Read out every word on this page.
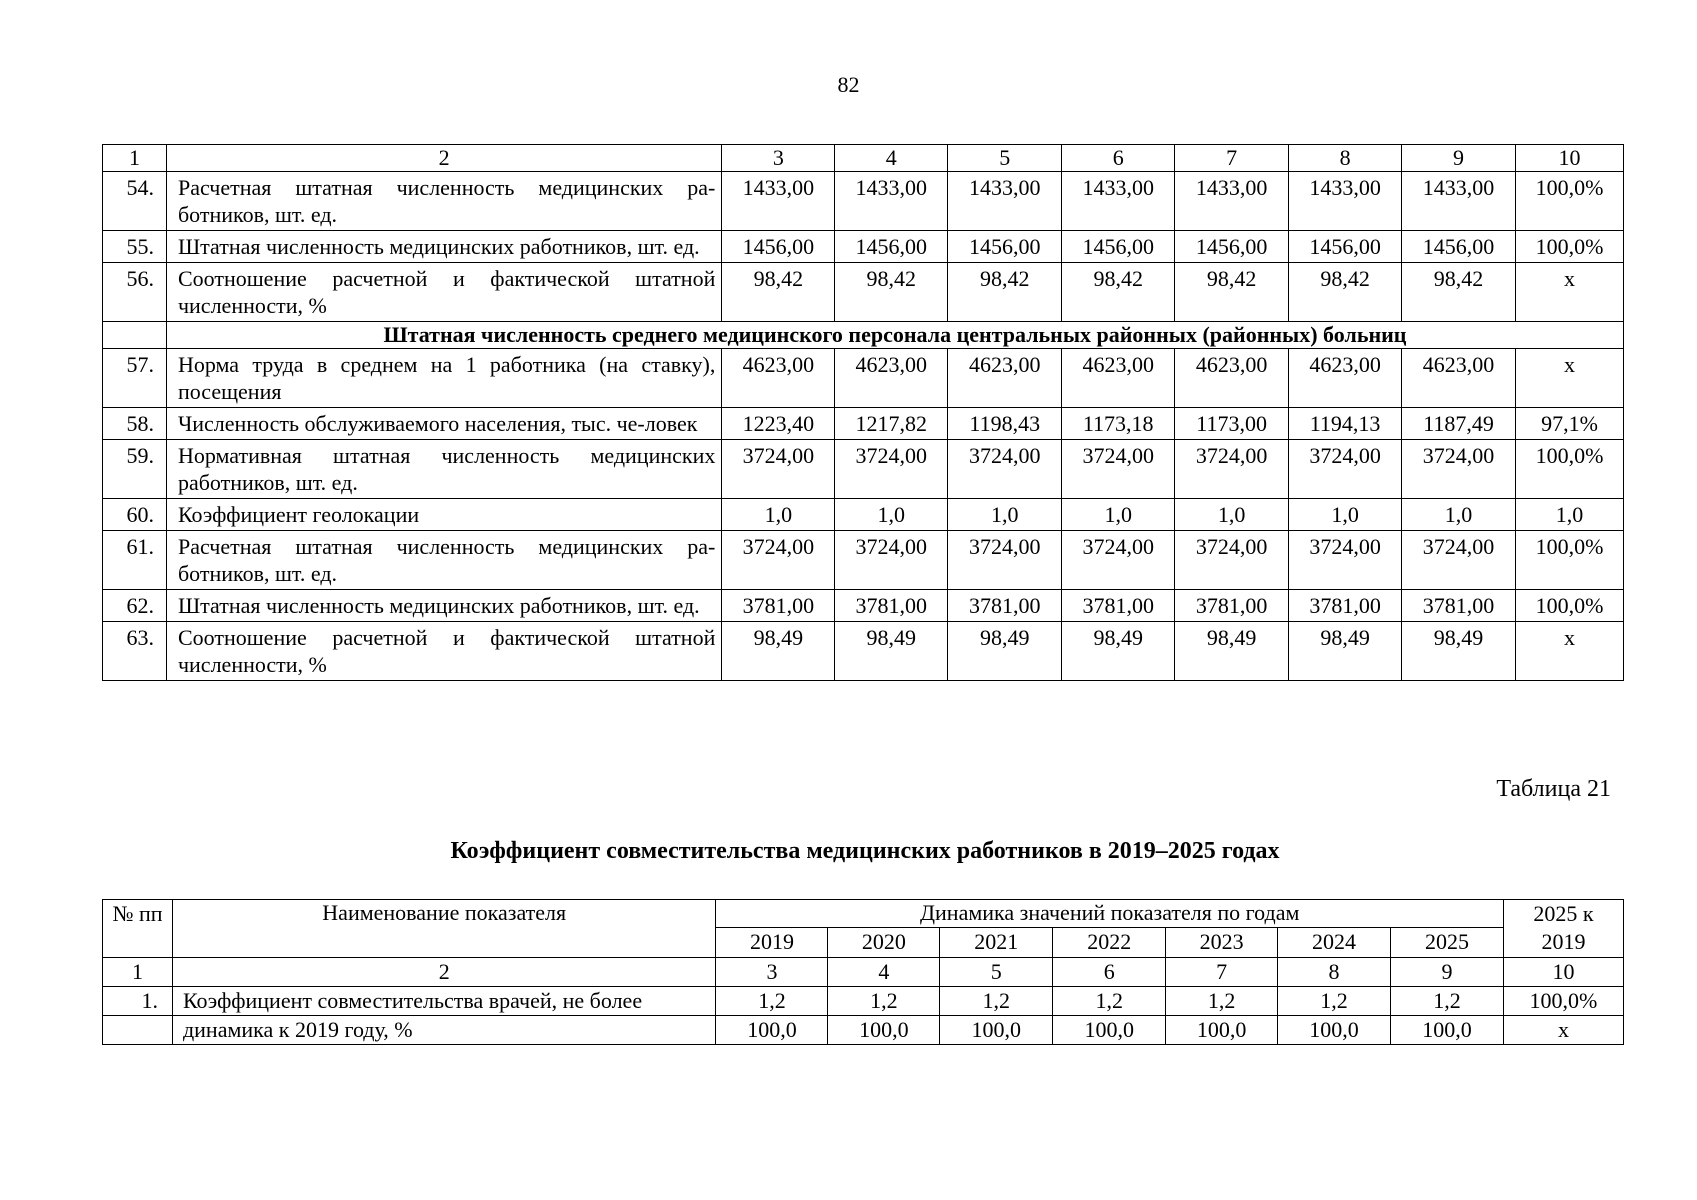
82
1	2	3	4	5	6	7	8	9	10
54.	Расчетная штатная численность медицинских ра-ботников, шт. ед.	1433,00	1433,00	1433,00	1433,00	1433,00	1433,00	1433,00	100,0%
55.	Штатная численность медицинских работников, шт. ед.	1456,00	1456,00	1456,00	1456,00	1456,00	1456,00	1456,00	100,0%
56.	Соотношение расчетной и фактической штатной численности, %	98,42	98,42	98,42	98,42	98,42	98,42	98,42	x
	Штатная численность среднего медицинского персонала центральных районных (районных) больниц								
57.	Норма труда в среднем на 1 работника (на ставку), посещения	4623,00	4623,00	4623,00	4623,00	4623,00	4623,00	4623,00	x
58.	Численность обслуживаемого населения, тыс. че-ловек	1223,40	1217,82	1198,43	1173,18	1173,00	1194,13	1187,49	97,1%
59.	Нормативная штатная численность медицинских работников, шт. ед.	3724,00	3724,00	3724,00	3724,00	3724,00	3724,00	3724,00	100,0%
60.	Коэффициент геолокации	1,0	1,0	1,0	1,0	1,0	1,0	1,0	1,0
61.	Расчетная штатная численность медицинских ра-ботников, шт. ед.	3724,00	3724,00	3724,00	3724,00	3724,00	3724,00	3724,00	100,0%
62.	Штатная численность медицинских работников, шт. ед.	3781,00	3781,00	3781,00	3781,00	3781,00	3781,00	3781,00	100,0%
63.	Соотношение расчетной и фактической штатной численности, %	98,49	98,49	98,49	98,49	98,49	98,49	98,49	x
Таблица 21
Коэффициент совместительства медицинских работников в 2019–2025 годах
№ пп	Наименование показателя	Динамика значений показателя по годам							2025 к 2019
		2019	2020	2021	2022	2023	2024	2025	
1	2	3	4	5	6	7	8	9	10
1.	Коэффициент совместительства врачей, не более	1,2	1,2	1,2	1,2	1,2	1,2	1,2	100,0%
	динамика к 2019 году, %	100,0	100,0	100,0	100,0	100,0	100,0	100,0	x
